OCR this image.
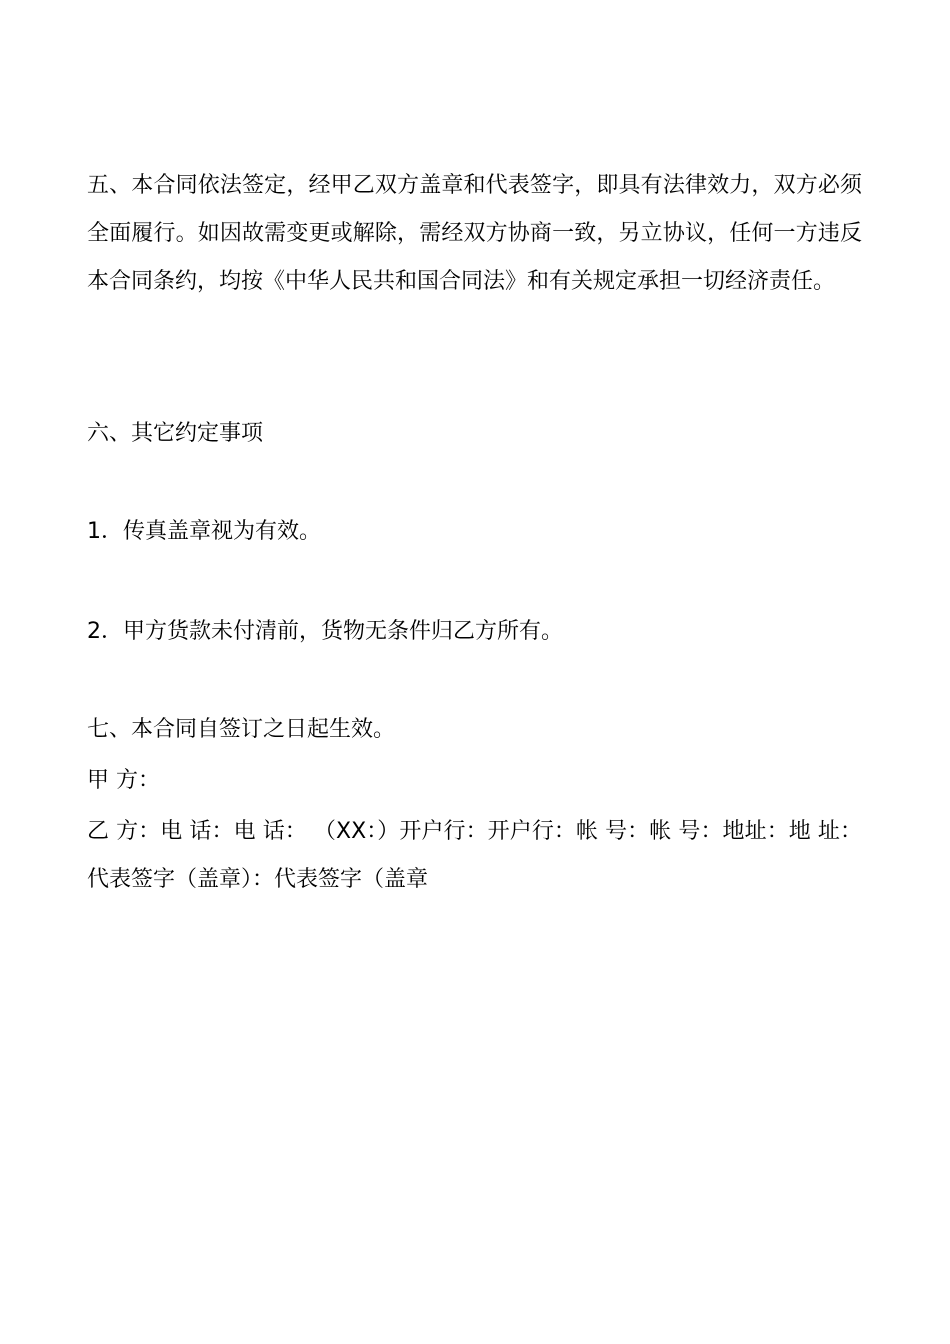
五、本合同依法签定，经甲乙双方盖章和代表签字，即具有法律效力，双方必须全面履行。如因故需变更或解除，需经双方协商一致，另立协议，任何一方违反本合同条约，均按《中华人民共和国合同法》和有关规定承担一切经济责任。

六、其它约定事项

1．传真盖章视为有效。

2．甲方货款未付清前，货物无条件归乙方所有。

七、本合同自签订之日起生效。

甲 方：

乙 方：电 话：电 话： （XX：）开户行：开户行：帐 号：帐 号：地址：地 址：代表签字（盖章）：代表签字（盖章
